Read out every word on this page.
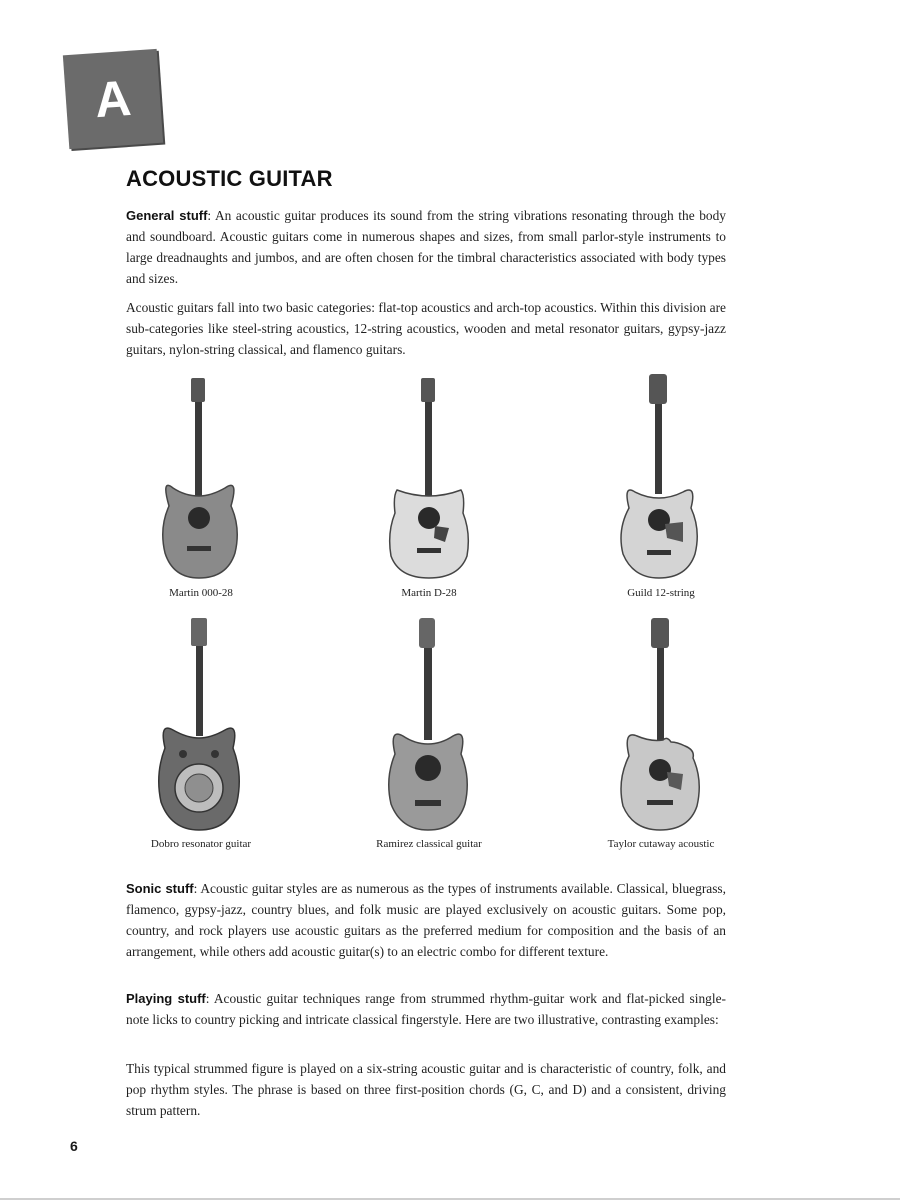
A
ACOUSTIC GUITAR

General stuff: An acoustic guitar produces its sound from the string vibrations resonating through the body and soundboard. Acoustic guitars come in numerous shapes and sizes, from small parlor-style instruments to large dreadnaughts and jumbos, and are often chosen for the timbral characteristics associated with body types and sizes.

Acoustic guitars fall into two basic categories: flat-top acoustics and arch-top acoustics. Within this division are sub-categories like steel-string acoustics, 12-string acoustics, wooden and metal resonator guitars, gypsy-jazz guitars, nylon-string classical, and flamenco guitars.

Martin 000-28	Martin D-28	Guild 12-string
Dobro resonator guitar	Ramirez classical guitar	Taylor cutaway acoustic

Sonic stuff: Acoustic guitar styles are as numerous as the types of instruments available. Classical, bluegrass, flamenco, gypsy-jazz, country blues, and folk music are played exclusively on acoustic guitars. Some pop, country, and rock players use acoustic guitars as the preferred medium for composition and the basis of an arrangement, while others add acoustic guitar(s) to an electric combo for different texture.

Playing stuff: Acoustic guitar techniques range from strummed rhythm-guitar work and flat-picked single-note licks to country picking and intricate classical fingerstyle. Here are two illustrative, contrasting examples:

This typical strummed figure is played on a six-string acoustic guitar and is characteristic of country, folk, and pop rhythm styles. The phrase is based on three first-position chords (G, C, and D) and a consistent, driving strum pattern.

6
